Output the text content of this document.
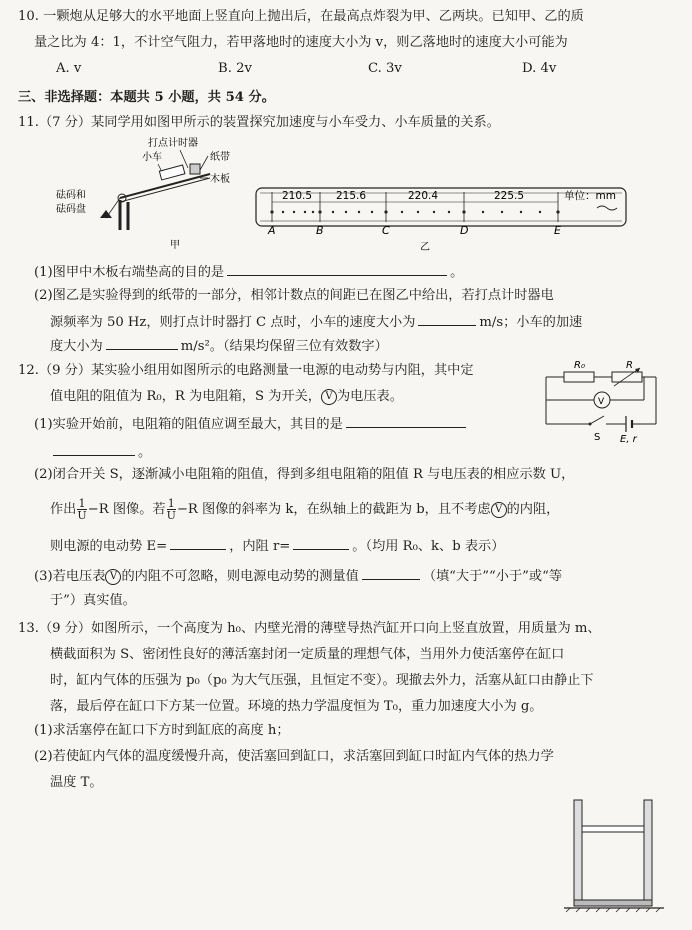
10. 一颗炮从足够大的水平地面上竖直向上抛出后，在最高点炸裂为甲、乙两块。已知甲、乙的质
量之比为 4：1，不计空气阻力，若甲落地时的速度大小为 v，则乙落地时的速度大小可能为
A. v	B. 2v	C. 3v	D. 4v
三、非选择题：本题共 5 小题，共 54 分。
11.（7 分）某同学用如图甲所示的装置探究加速度与小车受力、小车质量的关系。
打点计时器
小车	纸带
木板
砝码和
砝码盘
甲
210.5 215.6	220.4	225.5	单位：mm
A	B	C	D	E
乙
(1)图甲中木板右端垫高的目的是	。
(2)图乙是实验得到的纸带的一部分，相邻计数点的间距已在图乙中给出，若打点计时器电
源频率为 50 Hz，则打点计时器打 C 点时，小车的速度大小为	m/s；小车的加速
度大小为	m/s²。（结果均保留三位有效数字）
12.（9 分）某实验小组用如图所示的电路测量一电源的电动势与内阻，其中定
值电阻的阻值为 R₀，R 为电阻箱，S 为开关， V 为电压表。
R₀	R
V
S E, r
(1)实验开始前，电阻箱的阻值应调至最大，其目的是
。
(2)闭合开关 S，逐渐减小电阻箱的阻值，得到多组电阻箱的阻值 R 与电压表的相应示数 U，
作出 $\frac{1}{U} -R$ 图像。若 $\frac{1}{U} -R$ 图像的斜率为 k，在纵轴上的截距为 b，且不考虑 V 的内阻，
则电源的电动势 E=	，内阻 r=	。（均用 R₀、k、b 表示）
(3)若电压表 V 的内阻不可忽略，则电源电动势的测量值	（填“大于”“小于”或“等
于”）真实值。
13.（9 分）如图所示，一个高度为 h₀、内壁光滑的薄壁导热汽缸开口向上竖直放置，用质量为 m、
横截面积为 S、密闭性良好的薄活塞封闭一定质量的理想气体，当用外力使活塞停在缸口
时，缸内气体的压强为 p₀（p₀ 为大气压强，且恒定不变）。现撤去外力，活塞从缸口由静止下
落，最后停在缸口下方某一位置。环境的热力学温度恒为 T₀，重力加速度大小为 g。
(1)求活塞停在缸口下方时到缸底的高度 h；
(2)若使缸内气体的温度缓慢升高，使活塞回到缸口，求活塞回到缸口时缸内气体的热力学
温度 T。
